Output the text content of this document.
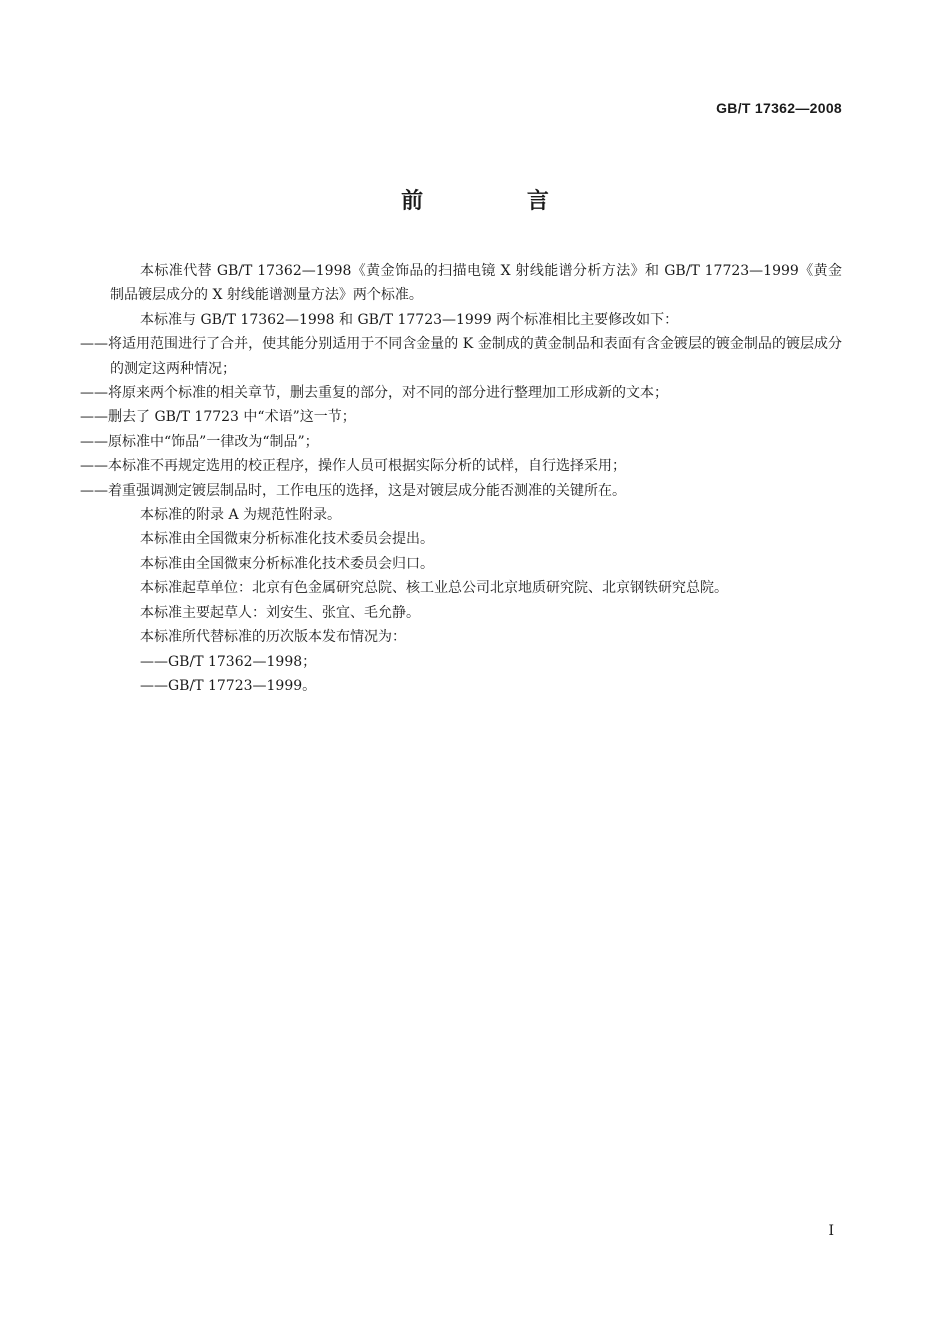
GB/T 17362—2008
前 言

本标准代替 GB/T 17362—1998《黄金饰品的扫描电镜 X 射线能谱分析方法》和 GB/T 17723—1999《黄金制品镀层成分的 X 射线能谱测量方法》两个标准。

本标准与 GB/T 17362—1998 和 GB/T 17723—1999 两个标准相比主要修改如下：

——将适用范围进行了合并，使其能分别适用于不同含金量的 K 金制成的黄金制品和表面有含金镀层的镀金制品的镀层成分的测定这两种情况；

——将原来两个标准的相关章节，删去重复的部分，对不同的部分进行整理加工形成新的文本；

——删去了 GB/T 17723 中“术语”这一节；

——原标准中“饰品”一律改为“制品”；

——本标准不再规定选用的校正程序，操作人员可根据实际分析的试样，自行选择采用；

——着重强调测定镀层制品时，工作电压的选择，这是对镀层成分能否测准的关键所在。

本标准的附录 A 为规范性附录。

本标准由全国微束分析标准化技术委员会提出。

本标准由全国微束分析标准化技术委员会归口。

本标准起草单位：北京有色金属研究总院、核工业总公司北京地质研究院、北京钢铁研究总院。

本标准主要起草人：刘安生、张宜、毛允静。

本标准所代替标准的历次版本发布情况为：

——GB/T 17362—1998；

——GB/T 17723—1999。

I
